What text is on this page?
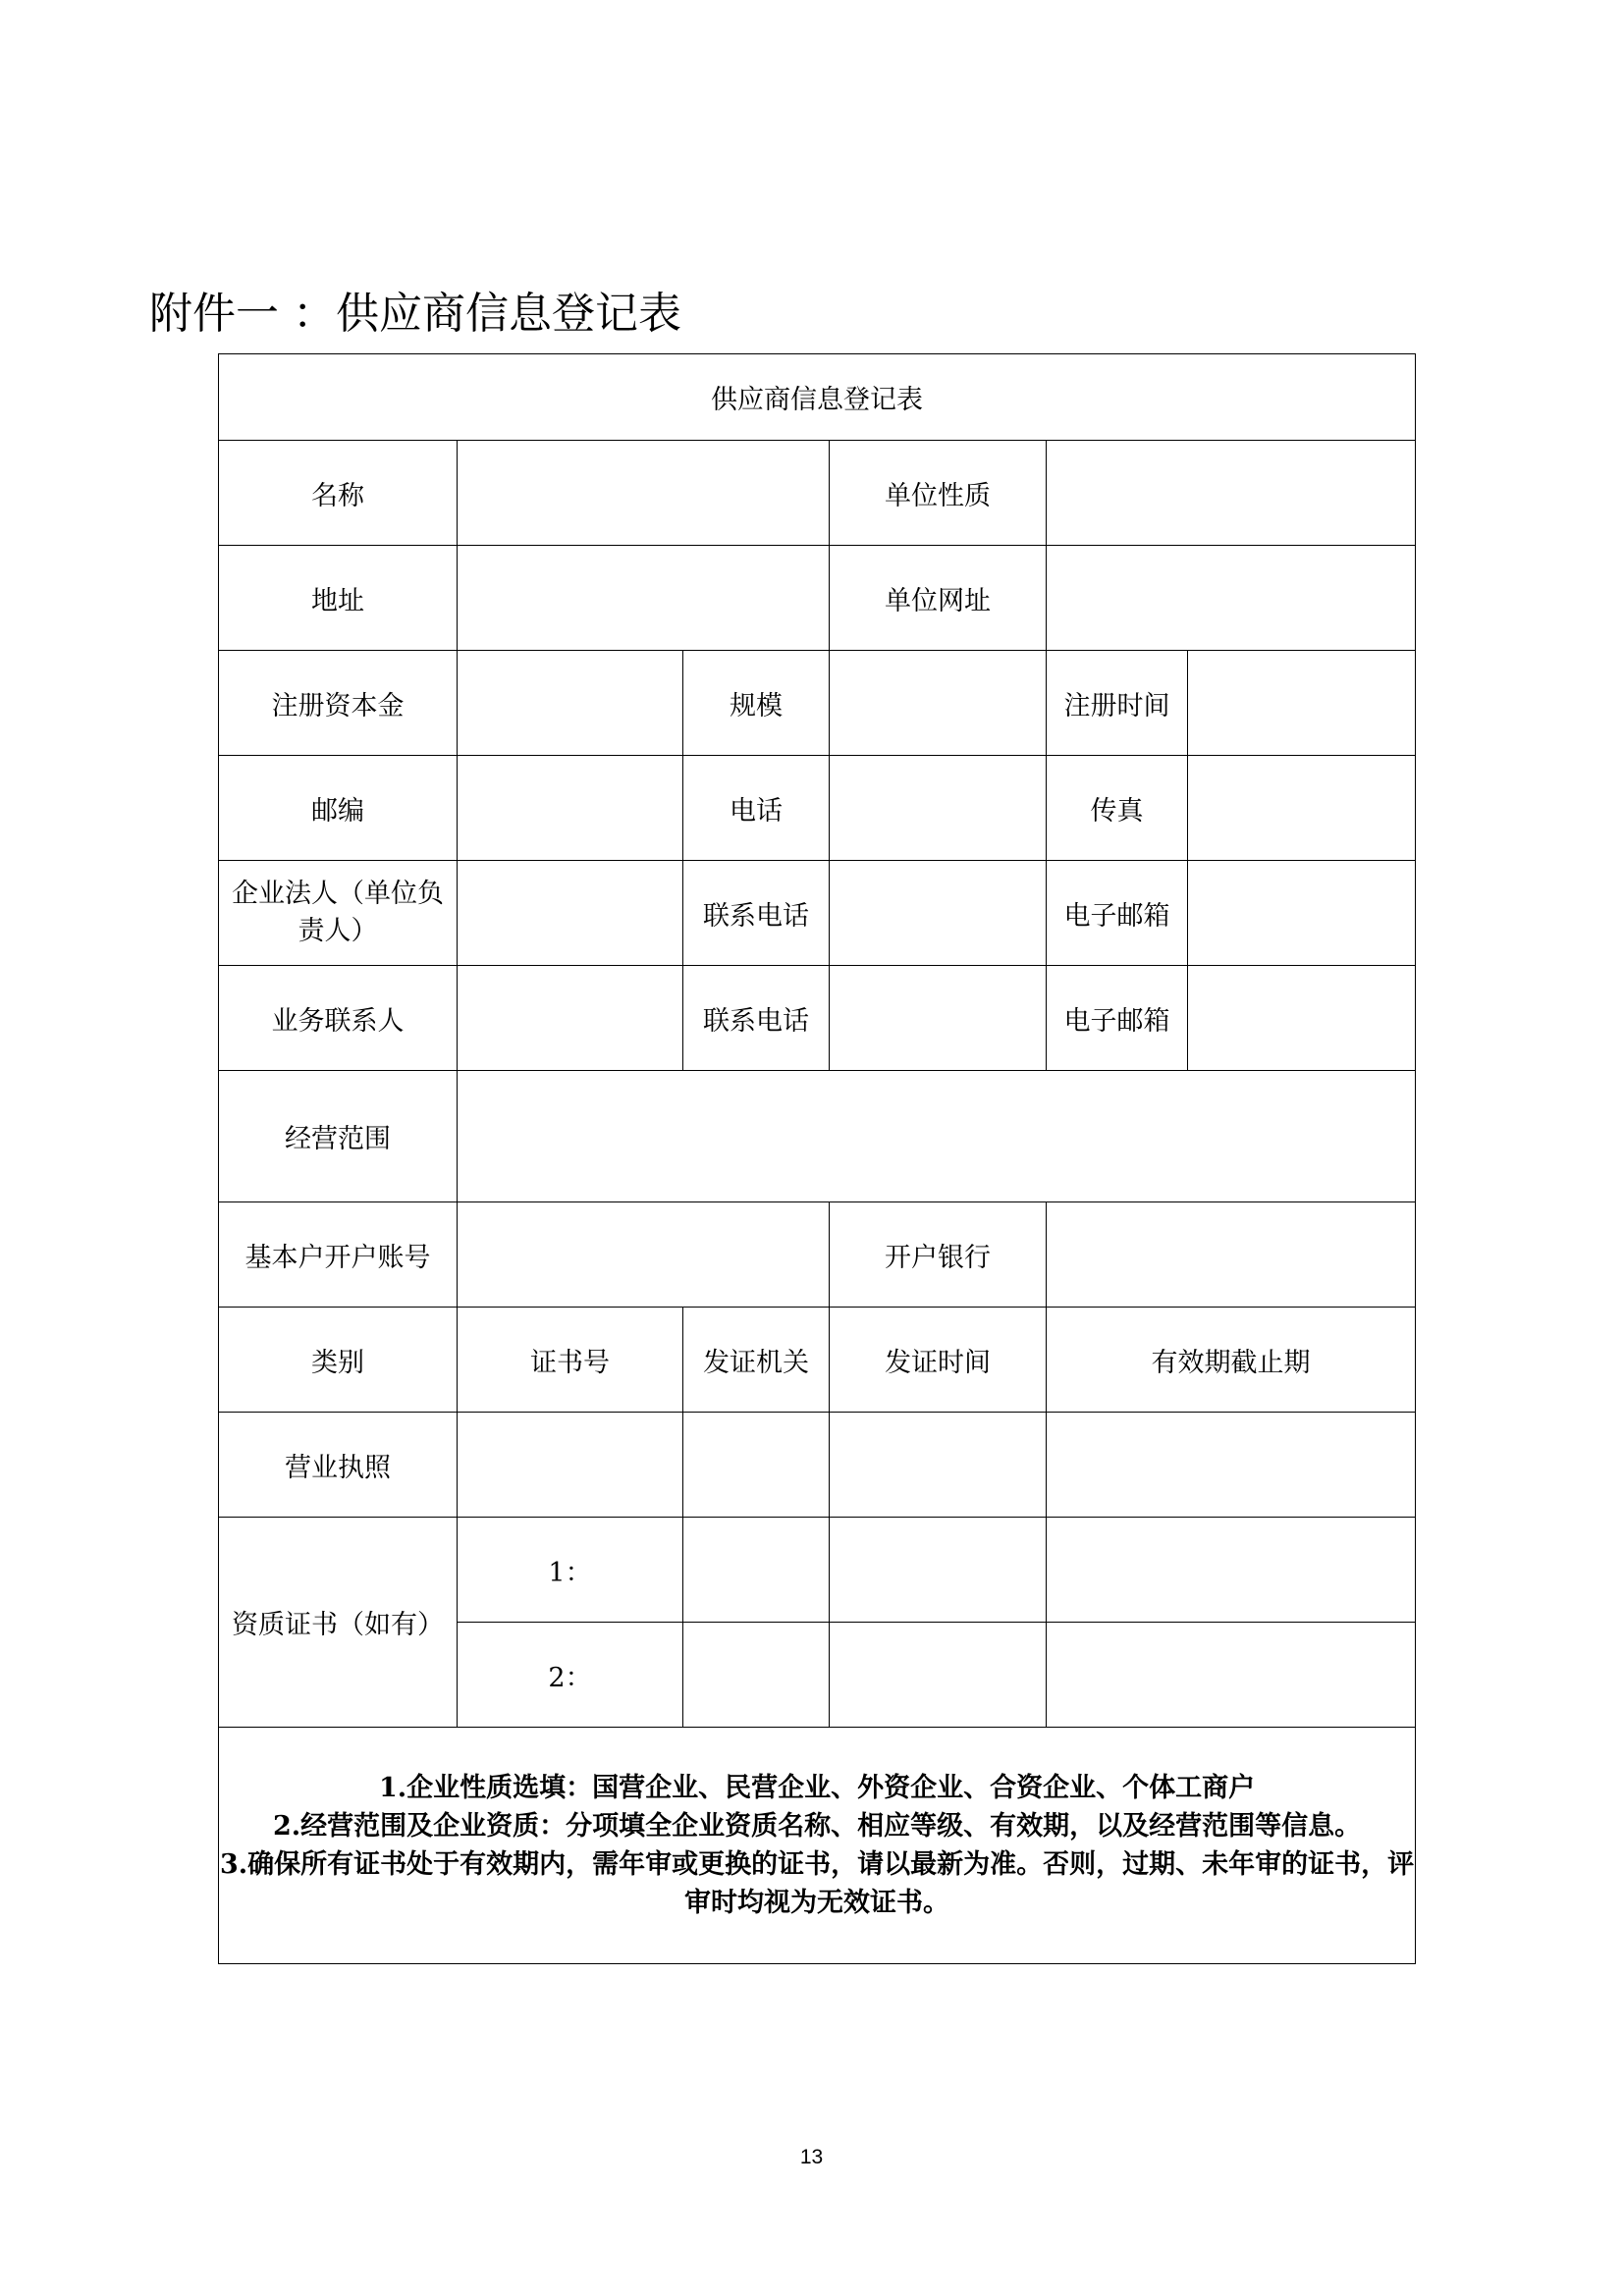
附件一 ：供应商信息登记表
供应商信息登记表					
名称			单位性质		
地址			单位网址		
注册资本金		规模		注册时间	
邮编		电话		传真	
企业法人（单位负责人）		联系电话		电子邮箱	
业务联系人		联系电话		电子邮箱	
经营范围					
基本户开户账号			开户银行		
类别	证书号	发证机关	发证时间	有效期截止期	
营业执照					
资质证书（如有）	1：				
	2：				

1.企业性质选填：国营企业、民营企业、外资企业、合资企业、个体工商户
2.经营范围及企业资质：分项填全企业资质名称、相应等级、有效期，以及经营范围等信息。
3.确保所有证书处于有效期内，需年审或更换的证书，请以最新为准。否则，过期、未年审的证书，评审时均视为无效证书。					
13
